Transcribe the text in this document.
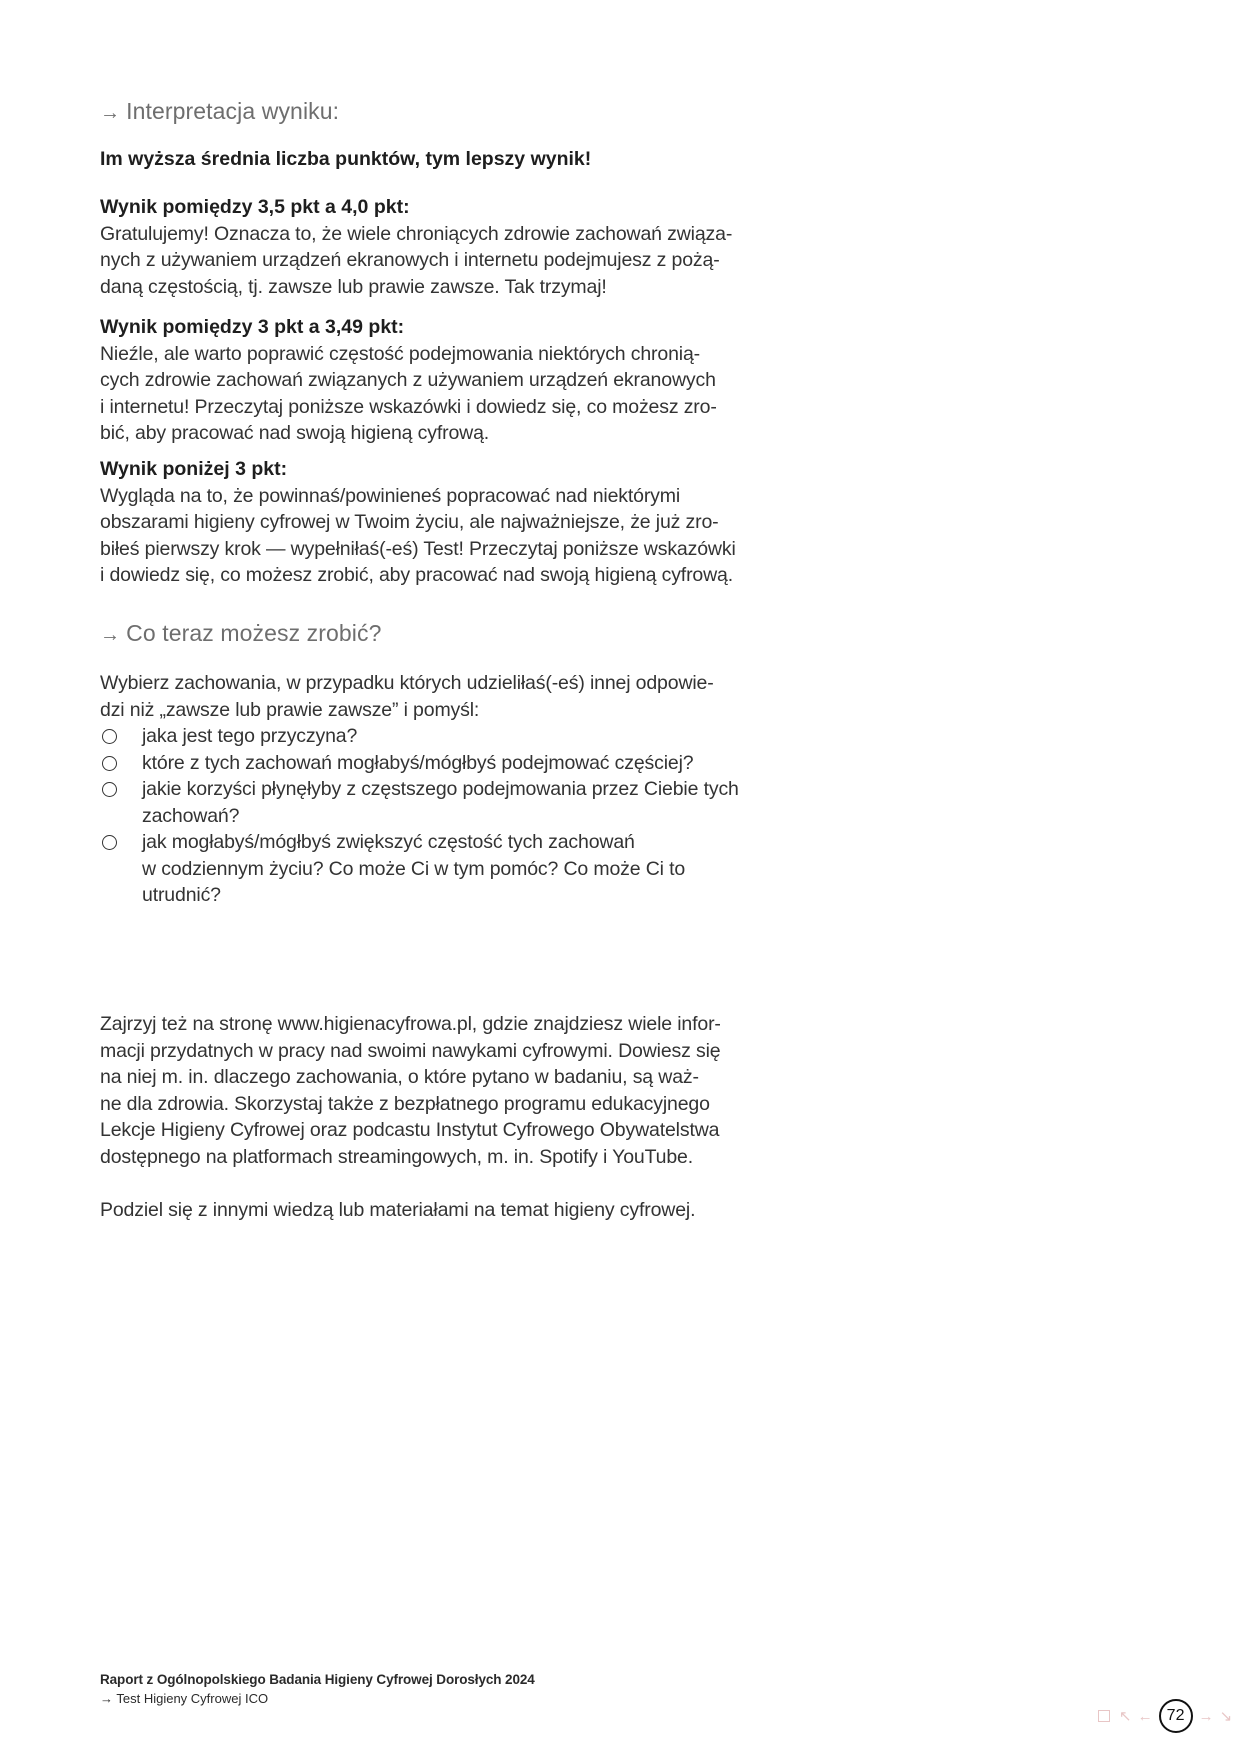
→ Interpretacja wyniku:
Im wyższa średnia liczba punktów, tym lepszy wynik!
Wynik pomiędzy 3,5 pkt a 4,0 pkt:
Gratulujemy! Oznacza to, że wiele chroniących zdrowie zachowań związa-
nych z używaniem urządzeń ekranowych i internetu podejmujesz z pożą-
daną częstością, tj. zawsze lub prawie zawsze. Tak trzymaj!
Wynik pomiędzy 3 pkt a 3,49 pkt:
Nieźle, ale warto poprawić częstość podejmowania niektórych chronią-
cych zdrowie zachowań związanych z używaniem urządzeń ekranowych
i internetu! Przeczytaj poniższe wskazówki i dowiedz się, co możesz zro-
bić, aby pracować nad swoją higieną cyfrową.
Wynik poniżej 3 pkt:
Wygląda na to, że powinnaś/powinieneś popracować nad niektórymi
obszarami higieny cyfrowej w Twoim życiu, ale najważniejsze, że już zro-
biłeś pierwszy krok — wypełniłaś(-eś) Test! Przeczytaj poniższe wskazówki
i dowiedz się, co możesz zrobić, aby pracować nad swoją higieną cyfrową.
→ Co teraz możesz zrobić?
Wybierz zachowania, w przypadku których udzieliłaś(-eś) innej odpowie-
dzi niż „zawsze lub prawie zawsze” i pomyśl:
jaka jest tego przyczyna?
które z tych zachowań mogłabyś/mógłbyś podejmować częściej?
jakie korzyści płynęłyby z częstszego podejmowania przez Ciebie tych
zachowań?
jak mogłabyś/mógłbyś zwiększyć częstość tych zachowań
w codziennym życiu? Co może Ci w tym pomóc? Co może Ci to
utrudnić?
Zajrzyj też na stronę www.higienacyfrowa.pl, gdzie znajdziesz wiele infor-
macji przydatnych w pracy nad swoimi nawykami cyfrowymi. Dowiesz się
na niej m. in. dlaczego zachowania, o które pytano w badaniu, są waż-
ne dla zdrowia. Skorzystaj także z bezpłatnego programu edukacyjnego
Lekcje Higieny Cyfrowej oraz podcastu Instytut Cyfrowego Obywatelstwa
dostępnego na platformach streamingowych, m. in. Spotify i YouTube.
Podziel się z innymi wiedzą lub materiałami na temat higieny cyfrowej.
Raport z Ogólnopolskiego Badania Higieny Cyfrowej Dorosłych 2024
→ Test Higieny Cyfrowej ICO
↖ ← 72 → ↘
